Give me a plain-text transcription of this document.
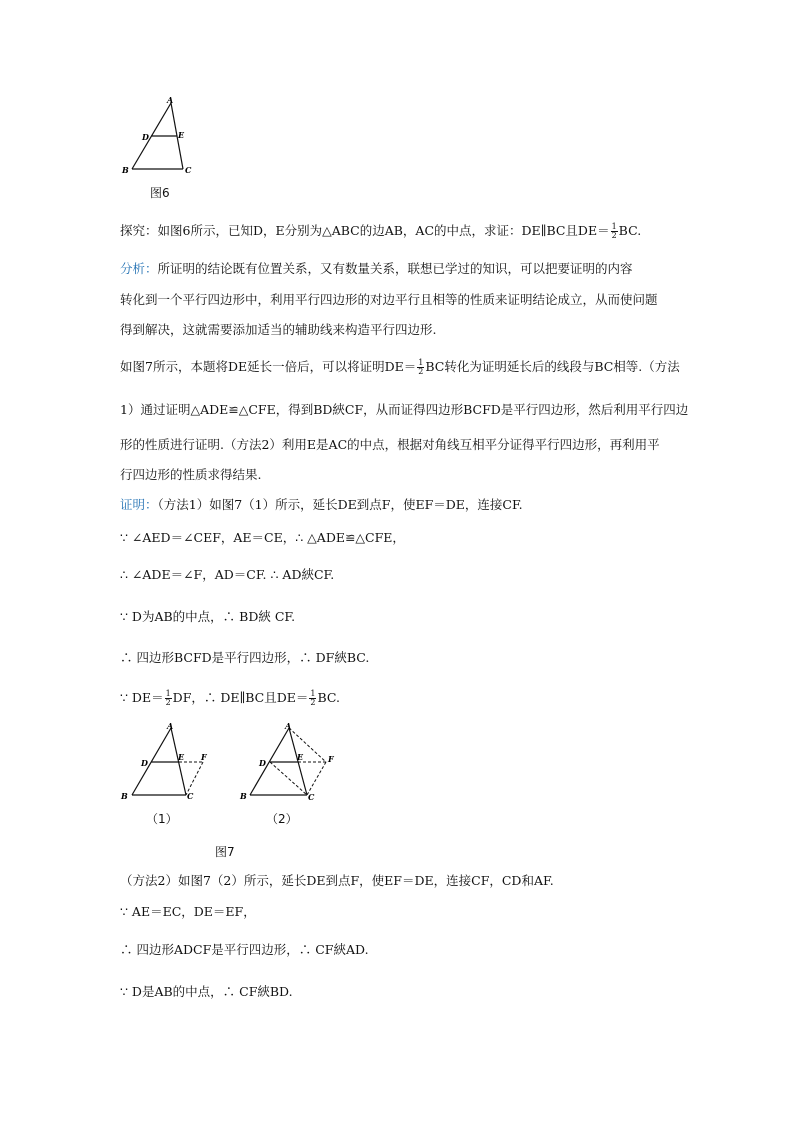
A
D	E
B	C
图6
探究：如图6所示，已知D，E分别为△ABC的边AB，AC的中点，求证：DE∥BC且$DE= \frac{1}{2}$ BC.
分析：所证明的结论既有位置关系，又有数量关系，联想已学过的知识，可以把要证明的内容
转化到一个平行四边形中，利用平行四边形的对边平行且相等的性质来证明结论成立，从而使问题
得到解决，这就需要添加适当的辅助线来构造平行四边形.
如图7所示，本题将DE延长一倍后，可以将证明$DE= \frac{1}{2}$ BC转化为证明延长后的线段与BC相等.（方法
1）通过证明△ADE≌△CFE，得到BD綊CF，从而证得四边形BCFD是平行四边形，然后利用平行四边
形的性质进行证明.（方法2）利用E是AC的中点，根据对角线互相平分证得平行四边形，再利用平
行四边形的性质求得结果.
证明：（方法1）如图7（1）所示，延长DE到点F，使EF＝DE，连接CF.
∵ ∠AED＝∠CEF，AE＝CE，∴ △ADE≌△CFE，
∴ ∠ADE＝∠F，AD＝CF. ∴ AD綊CF.
∵ D为AB的中点，∴ BD綊 CF.
∴ 四边形BCFD是平行四边形，∴ DF綊BC.
∵ $DE= \frac{1}{2}$ DF，∴ DE∥BC且$DE= \frac{1}{2}$ BC.
A
D
E F
B	C
A
D
E	F
B	C
（1）	（2）
图7
（方法2）如图7（2）所示，延长DE到点F，使EF＝DE，连接CF，CD和AF.
∵ AE＝EC，DE＝EF，
∴ 四边形ADCF是平行四边形，∴ CF綊AD.
∵ D是AB的中点，∴ CF綊BD.
